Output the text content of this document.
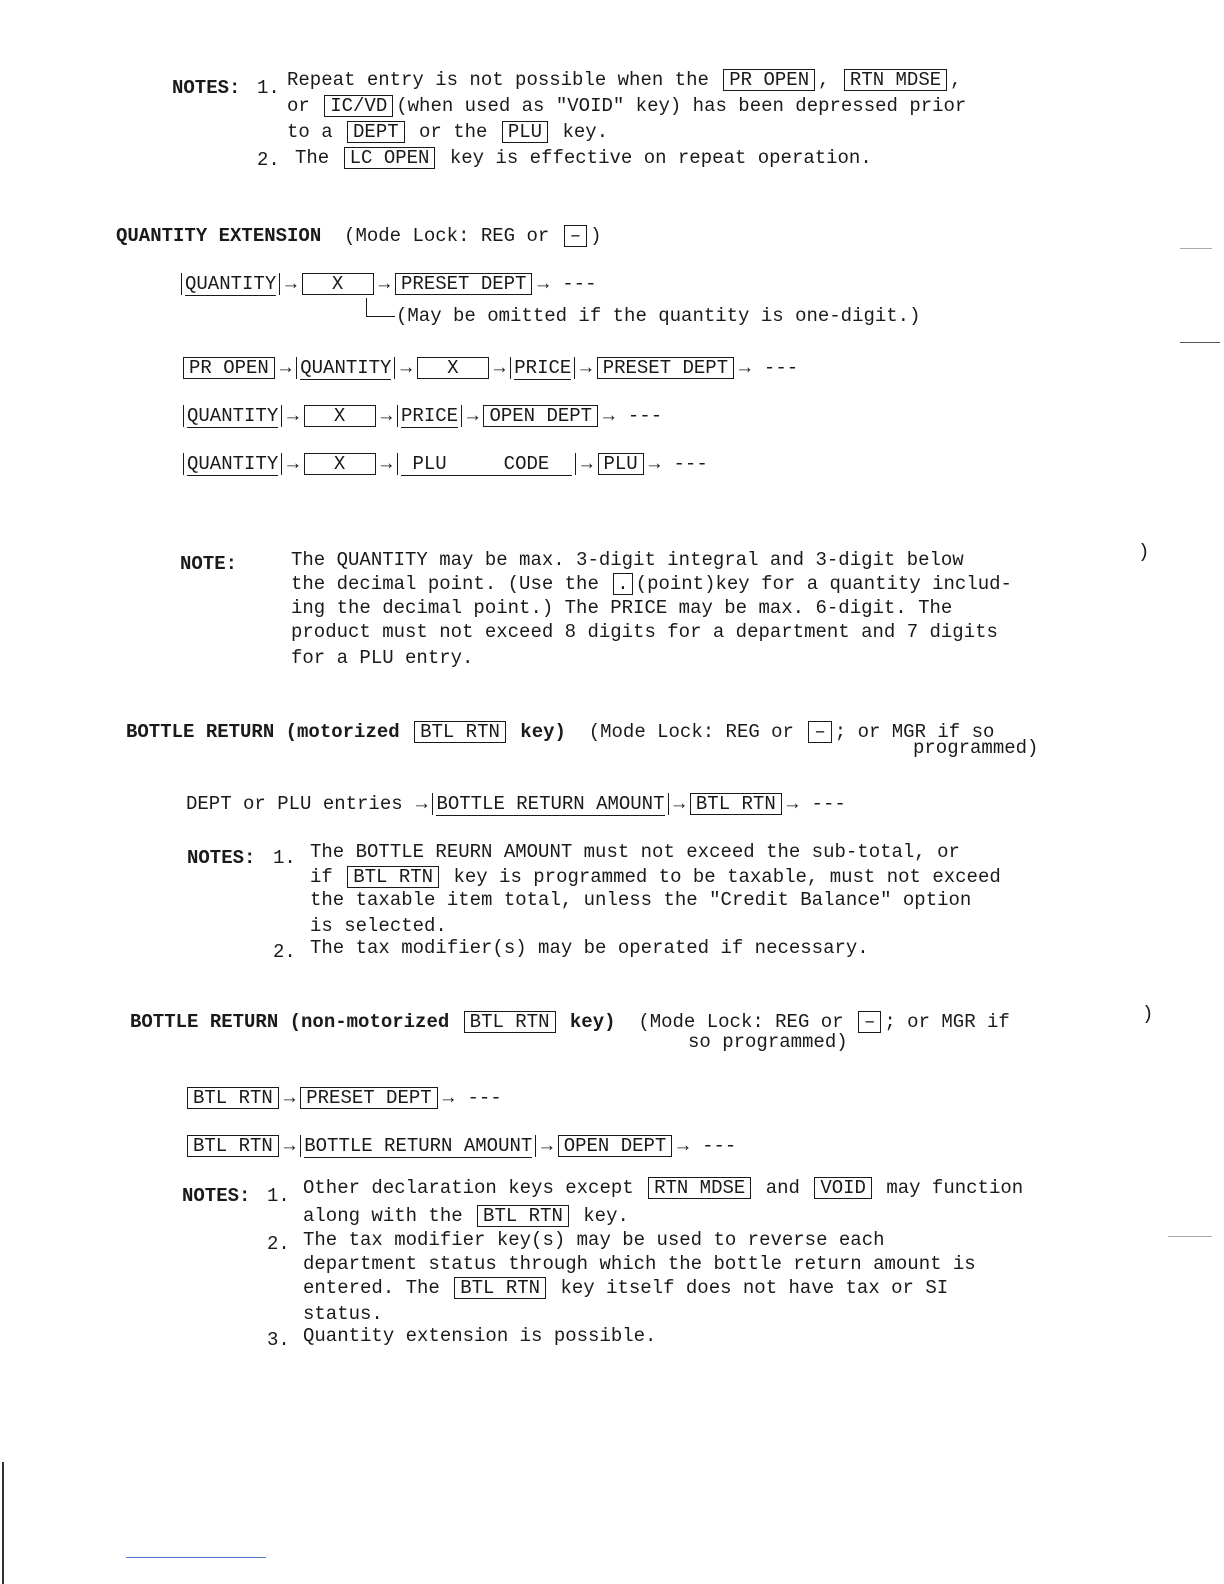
NOTES: 1. Repeat entry is not possible when the PR OPEN , RTN MDSE ,
or IC/VD (when used as "VOID" key) has been depressed prior
to a DEPT or the PLU key.
2. The LC OPEN key is effective on repeat operation.
QUANTITY EXTENSION (Mode Lock: REG or – )
QUANTITY → X → PRESET DEPT → ---
(May be omitted if the quantity is one-digit.)
PR OPEN → QUANTITY → X → PRICE → PRESET DEPT → ---
QUANTITY → X → PRICE → OPEN DEPT → ---
QUANTITY → X → PLU	CODE → PLU → ---
NOTE:	The QUANTITY may be max. 3-digit integral and 3-digit below
the decimal point. (Use the . (point)key for a quantity includ-
ing the decimal point.) The PRICE may be max. 6-digit. The
product must not exceed 8 digits for a department and 7 digits
for a PLU entry.
BOTTLE RETURN (motorized BTL RTN key) (Mode Lock: REG or – ; or MGR if so
programmed)
DEPT or PLU entries → BOTTLE RETURN AMOUNT → BTL RTN → ---
NOTES: 1. The BOTTLE REURN AMOUNT must not exceed the sub-total, or
if BTL RTN key is programmed to be taxable, must not exceed
the taxable item total, unless the "Credit Balance" option
is selected.
2. The tax modifier(s) may be operated if necessary.
BOTTLE RETURN (non-motorized BTL RTN key) (Mode Lock: REG or – ; or MGR if
so programmed)
BTL RTN → PRESET DEPT → ---
BTL RTN → BOTTLE RETURN AMOUNT → OPEN DEPT → ---
NOTES: 1. Other declaration keys except RTN MDSE and VOID may function
along with the BTL RTN key.
2. The tax modifier key(s) may be used to reverse each
department status through which the bottle return amount is
entered. The BTL RTN key itself does not have tax or SI
status.
3. Quantity extension is possible.
)
)
